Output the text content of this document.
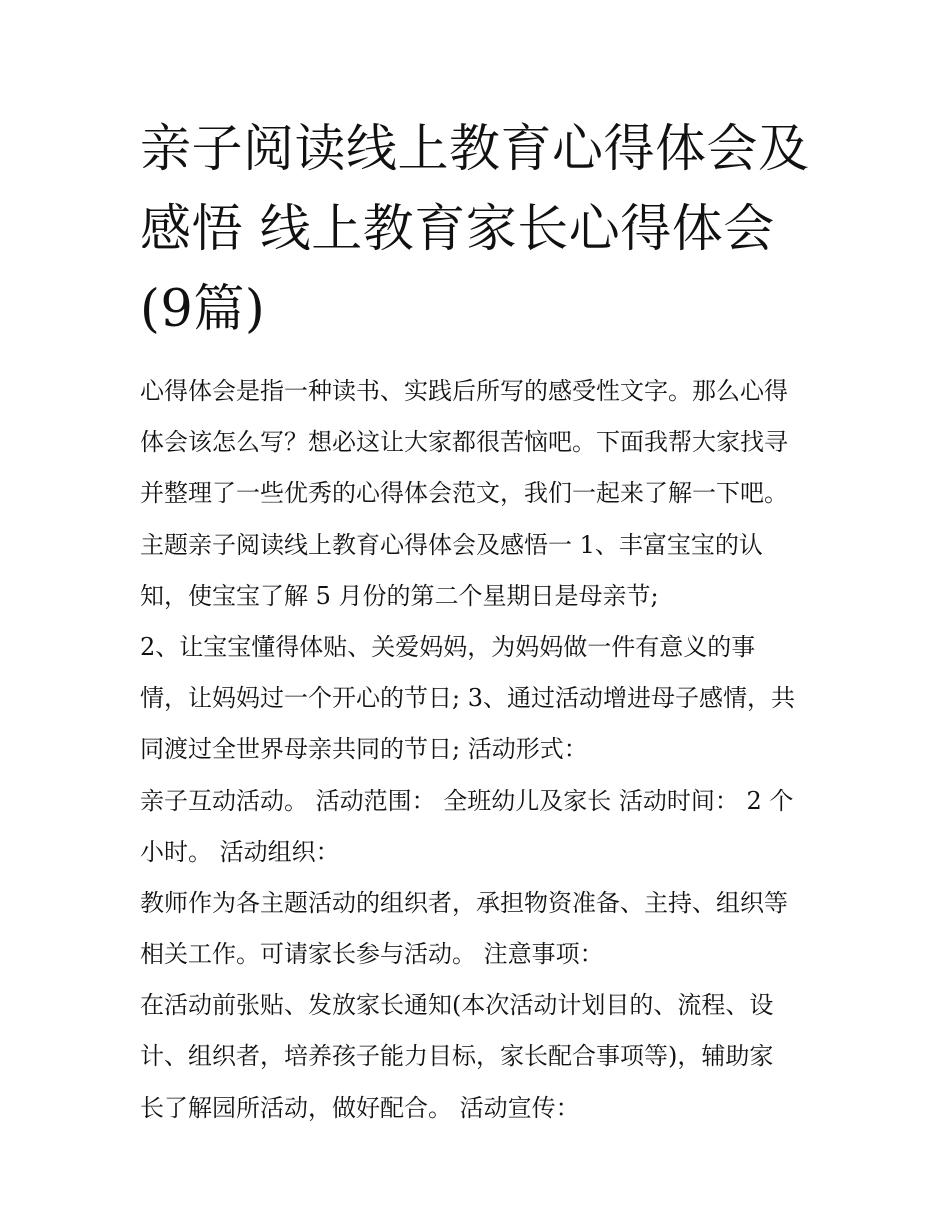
亲子阅读线上教育心得体会及感悟 线上教育家长心得体会(9篇)
心得体会是指一种读书、实践后所写的感受性文字。那么心得
体会该怎么写？想必这让大家都很苦恼吧。下面我帮大家找寻
并整理了一些优秀的心得体会范文，我们一起来了解一下吧。
主题亲子阅读线上教育心得体会及感悟一 1、丰富宝宝的认
知，使宝宝了解 5 月份的第二个星期日是母亲节;
2、让宝宝懂得体贴、关爱妈妈，为妈妈做一件有意义的事
情，让妈妈过一个开心的节日; 3、通过活动增进母子感情，共
同渡过全世界母亲共同的节日; 活动形式：
亲子互动活动。 活动范围： 全班幼儿及家长 活动时间： 2 个
小时。 活动组织：
教师作为各主题活动的组织者，承担物资准备、主持、组织等
相关工作。可请家长参与活动。 注意事项：
在活动前张贴、发放家长通知(本次活动计划目的、流程、设
计、组织者，培养孩子能力目标，家长配合事项等)，辅助家
长了解园所活动，做好配合。 活动宣传：
